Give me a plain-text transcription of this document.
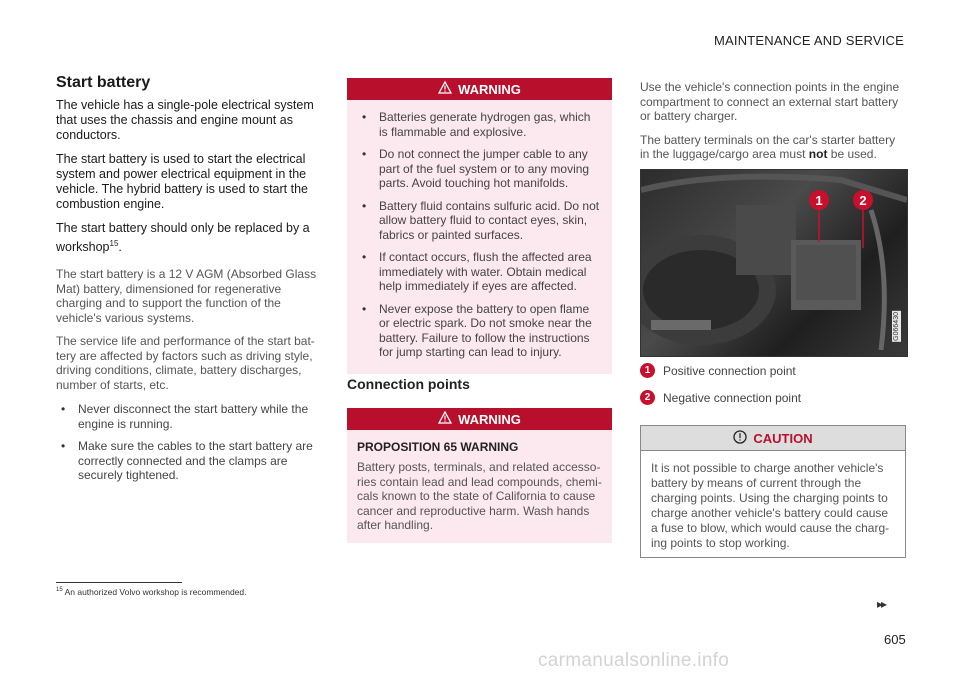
MAINTENANCE AND SERVICE
Start battery

The vehicle has a single-pole electrical system that uses the chassis and engine mount as conductors.

The start battery is used to start the electrical system and power electrical equipment in the vehicle. The hybrid battery is used to start the combustion engine.

The start battery should only be replaced by a workshop$^{15}$.

The start battery is a 12 V AGM (Absorbed Glass Mat) battery, dimensioned for regenerative charging and to support the function of the vehicle's various systems.

The service life and performance of the start battery are affected by factors such as driving style, driving conditions, climate, battery discharges, number of starts, etc.

• Never disconnect the start battery while the engine is running.
• Make sure the cables to the start battery are correctly connected and the clamps are securely tightened.
WARNING
• Batteries generate hydrogen gas, which is flammable and explosive.
• Do not connect the jumper cable to any part of the fuel system or to any moving parts. Avoid touching hot manifolds.
• Battery fluid contains sulfuric acid. Do not allow battery fluid to contact eyes, skin, fabrics or painted surfaces.
• If contact occurs, flush the affected area immediately with water. Obtain medical help immediately if eyes are affected.
• Never expose the battery to open flame or electric spark. Do not smoke near the battery. Failure to follow the instructions for jump starting can lead to injury.
Connection points
WARNING
PROPOSITION 65 WARNING

Battery posts, terminals, and related accessories contain lead and lead compounds, chemicals known to the state of California to cause cancer and reproductive harm. Wash hands after handling.

Use the vehicle's connection points in the engine compartment to connect an external start battery or battery charger.

The battery terminals on the car's starter battery in the luggage/cargo area must not be used.

1	2
G066430
1	Positive connection point
2	Negative connection point
CAUTION
It is not possible to charge another vehicle's battery by means of current through the charging points. Using the charging points to charge another vehicle's battery could cause a fuse to blow, which would cause the charging points to stop working.
$^{15}$ An authorized Volvo workshop is recommended.
▸▸
605
carmanualsonline.info
